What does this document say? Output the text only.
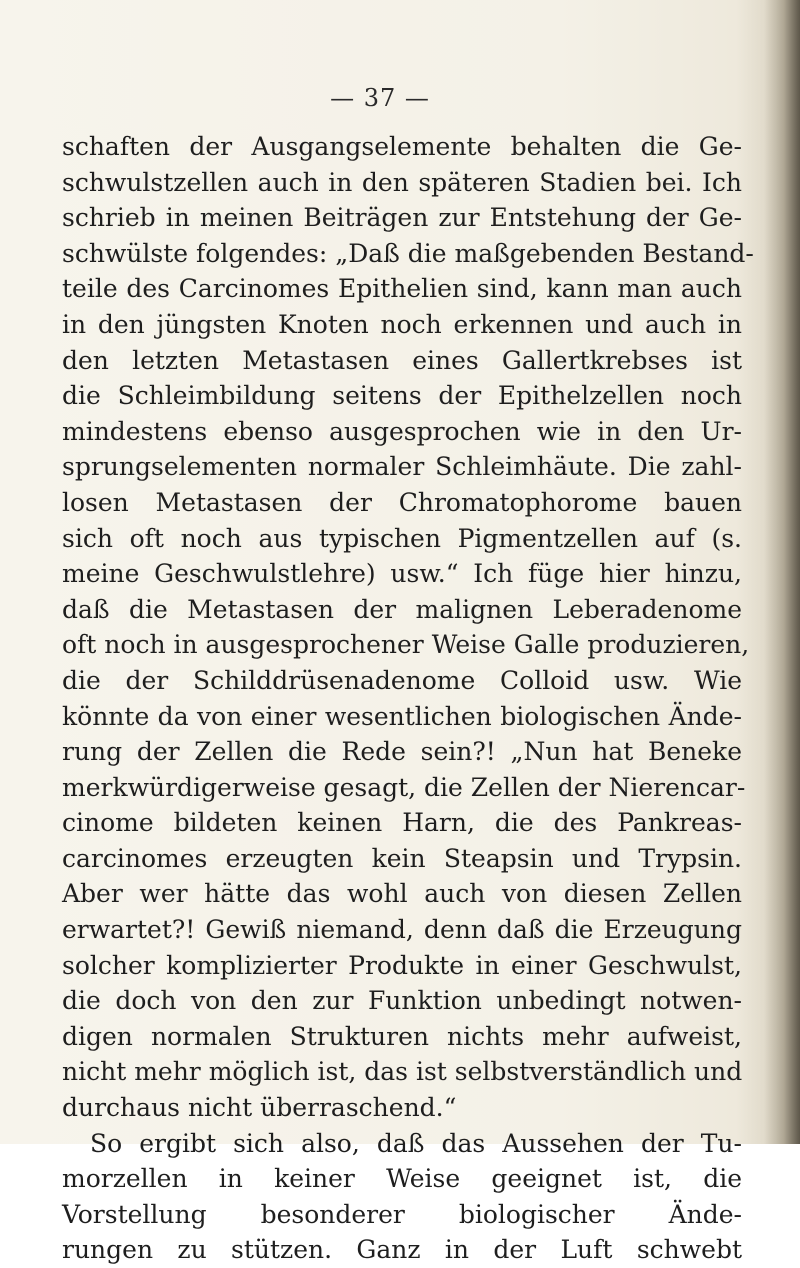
— 37 —
schaften der Ausgangselemente behalten die Ge-
schwulstzellen auch in den späteren Stadien bei. Ich
schrieb in meinen Beiträgen zur Entstehung der Ge-
schwülste folgendes: „Daß die maßgebenden Bestand-
teile des Carcinomes Epithelien sind, kann man auch
in den jüngsten Knoten noch erkennen und auch in
den letzten Metastasen eines Gallertkrebses ist
die Schleimbildung seitens der Epithelzellen noch
mindestens ebenso ausgesprochen wie in den Ur-
sprungselementen normaler Schleimhäute. Die zahl-
losen Metastasen der Chromatophorome bauen
sich oft noch aus typischen Pigmentzellen auf (s.
meine Geschwulstlehre) usw.“ Ich füge hier hinzu,
daß die Metastasen der malignen Leberadenome
oft noch in ausgesprochener Weise Galle produzieren,
die der Schilddrüsenadenome Colloid usw. Wie
könnte da von einer wesentlichen biologischen Ände-
rung der Zellen die Rede sein?! „Nun hat Beneke
merkwürdigerweise gesagt, die Zellen der Nierencar-
cinome bildeten keinen Harn, die des Pankreas-
carcinomes erzeugten kein Steapsin und Trypsin.
Aber wer hätte das wohl auch von diesen Zellen
erwartet?! Gewiß niemand, denn daß die Erzeugung
solcher komplizierter Produkte in einer Geschwulst,
die doch von den zur Funktion unbedingt notwen-
digen normalen Strukturen nichts mehr aufweist,
nicht mehr möglich ist, das ist selbstverständlich und
durchaus nicht überraschend.“
So ergibt sich also, daß das Aussehen der Tu-
morzellen in keiner Weise geeignet ist, die
Vorstellung besonderer biologischer Ände-
rungen zu stützen. Ganz in der Luft schwebt
